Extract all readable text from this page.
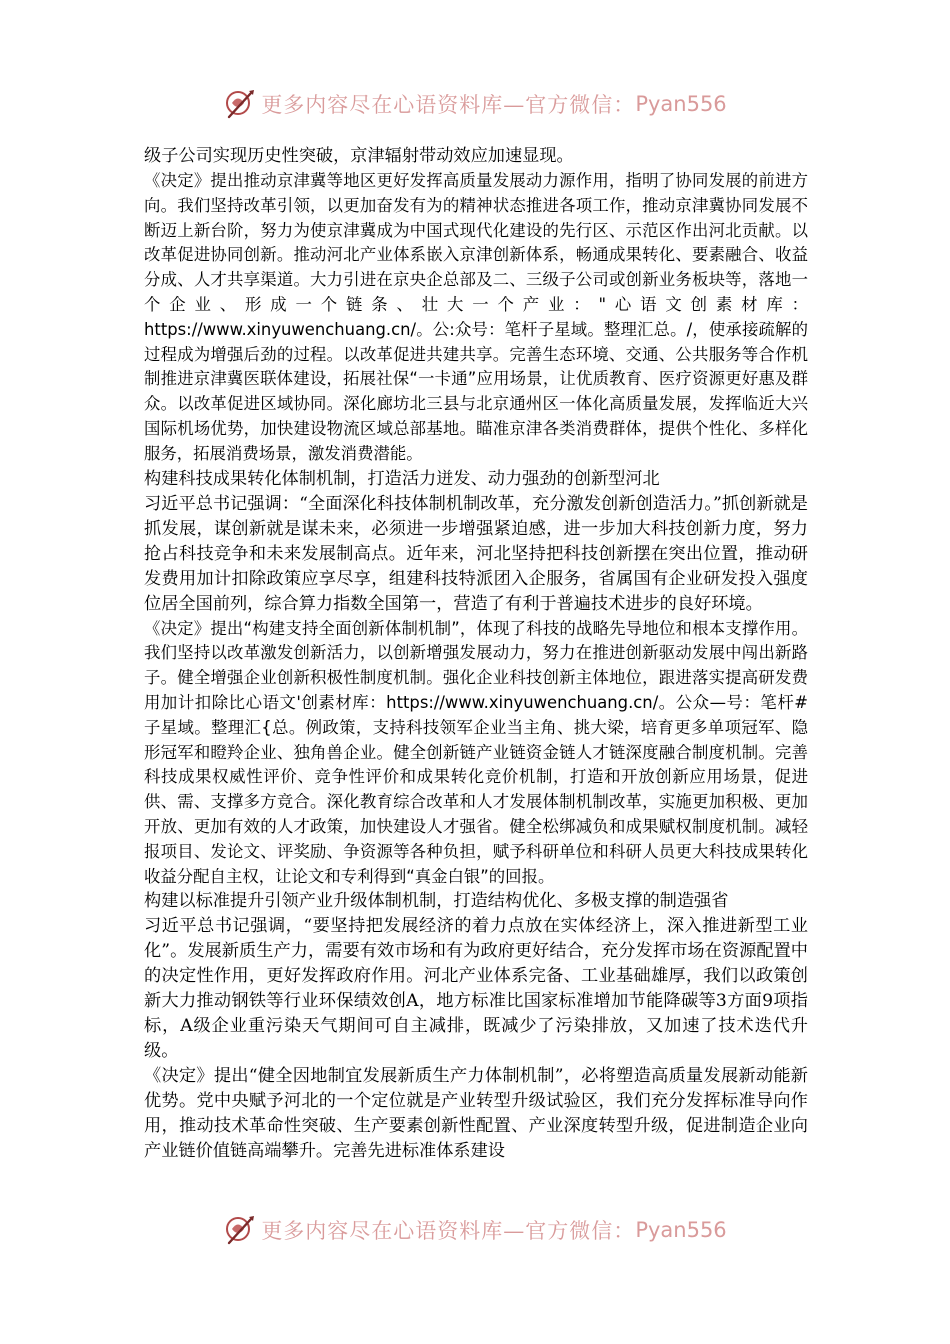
更多内容尽在心语资料库—官方微信： Pyan556

级子公司实现历史性突破，京津辐射带动效应加速显现。

《决定》提出推动京津冀等地区更好发挥高质量发展动力源作用，指明了协同发展的前进方向。我们坚持改革引领，以更加奋发有为的精神状态推进各项工作，推动京津冀协同发展不断迈上新台阶，努力为使京津冀成为中国式现代化建设的先行区、示范区作出河北贡献。以改革促进协同创新。推动河北产业体系嵌入京津创新体系，畅通成果转化、要素融合、收益分成、人才共享渠道。大力引进在京央企总部及二、三级子公司或创新业务板块等，落地一个企业、形成一个链条、壮大一个产业："心语文创素材库：https://www.xinyuwenchuang.cn/。公:众号：笔杆子星域。整理汇总。/，使承接疏解的过程成为增强后劲的过程。以改革促进共建共享。完善生态环境、交通、公共服务等合作机制推进京津冀医联体建设，拓展社保“一卡通”应用场景，让优质教育、医疗资源更好惠及群众。以改革促进区域协同。深化廊坊北三县与北京通州区一体化高质量发展，发挥临近大兴国际机场优势，加快建设物流区域总部基地。瞄准京津各类消费群体，提供个性化、多样化服务，拓展消费场景，激发消费潜能。

构建科技成果转化体制机制，打造活力迸发、动力强劲的创新型河北

习近平总书记强调：“全面深化科技体制机制改革，充分激发创新创造活力。”抓创新就是抓发展，谋创新就是谋未来，必须进一步增强紧迫感，进一步加大科技创新力度，努力抢占科技竞争和未来发展制高点。近年来，河北坚持把科技创新摆在突出位置，推动研发费用加计扣除政策应享尽享，组建科技特派团入企服务，省属国有企业研发投入强度位居全国前列，综合算力指数全国第一，营造了有利于普遍技术进步的良好环境。

《决定》提出“构建支持全面创新体制机制”，体现了科技的战略先导地位和根本支撑作用。我们坚持以改革激发创新活力，以创新增强发展动力，努力在推进创新驱动发展中闯出新路子。健全增强企业创新积极性制度机制。强化企业科技创新主体地位，跟进落实提高研发费用加计扣除比心语文'创素材库：https://www.xinyuwenchuang.cn/。公众—号：笔杆#子星域。整理汇{总。例政策，支持科技领军企业当主角、挑大梁，培育更多单项冠军、隐形冠军和瞪羚企业、独角兽企业。健全创新链产业链资金链人才链深度融合制度机制。完善科技成果权威性评价、竞争性评价和成果转化竞价机制，打造和开放创新应用场景，促进供、需、支撑多方竞合。深化教育综合改革和人才发展体制机制改革，实施更加积极、更加开放、更加有效的人才政策，加快建设人才强省。健全松绑减负和成果赋权制度机制。减轻报项目、发论文、评奖励、争资源等各种负担，赋予科研单位和科研人员更大科技成果转化收益分配自主权，让论文和专利得到“真金白银”的回报。

构建以标准提升引领产业升级体制机制，打造结构优化、多极支撑的制造强省

习近平总书记强调，“要坚持把发展经济的着力点放在实体经济上，深入推进新型工业化”。发展新质生产力，需要有效市场和有为政府更好结合，充分发挥市场在资源配置中的决定性作用，更好发挥政府作用。河北产业体系完备、工业基础雄厚，我们以政策创新大力推动钢铁等行业环保绩效创A，地方标准比国家标准增加节能降碳等3方面9项指标，A级企业重污染天气期间可自主减排，既减少了污染排放，又加速了技术迭代升级。

《决定》提出“健全因地制宜发展新质生产力体制机制”，必将塑造高质量发展新动能新优势。党中央赋予河北的一个定位就是产业转型升级试验区，我们充分发挥标准导向作用，推动技术革命性突破、生产要素创新性配置、产业深度转型升级，促进制造企业向产业链价值链高端攀升。完善先进标准体系建设

更多内容尽在心语资料库—官方微信： Pyan556
